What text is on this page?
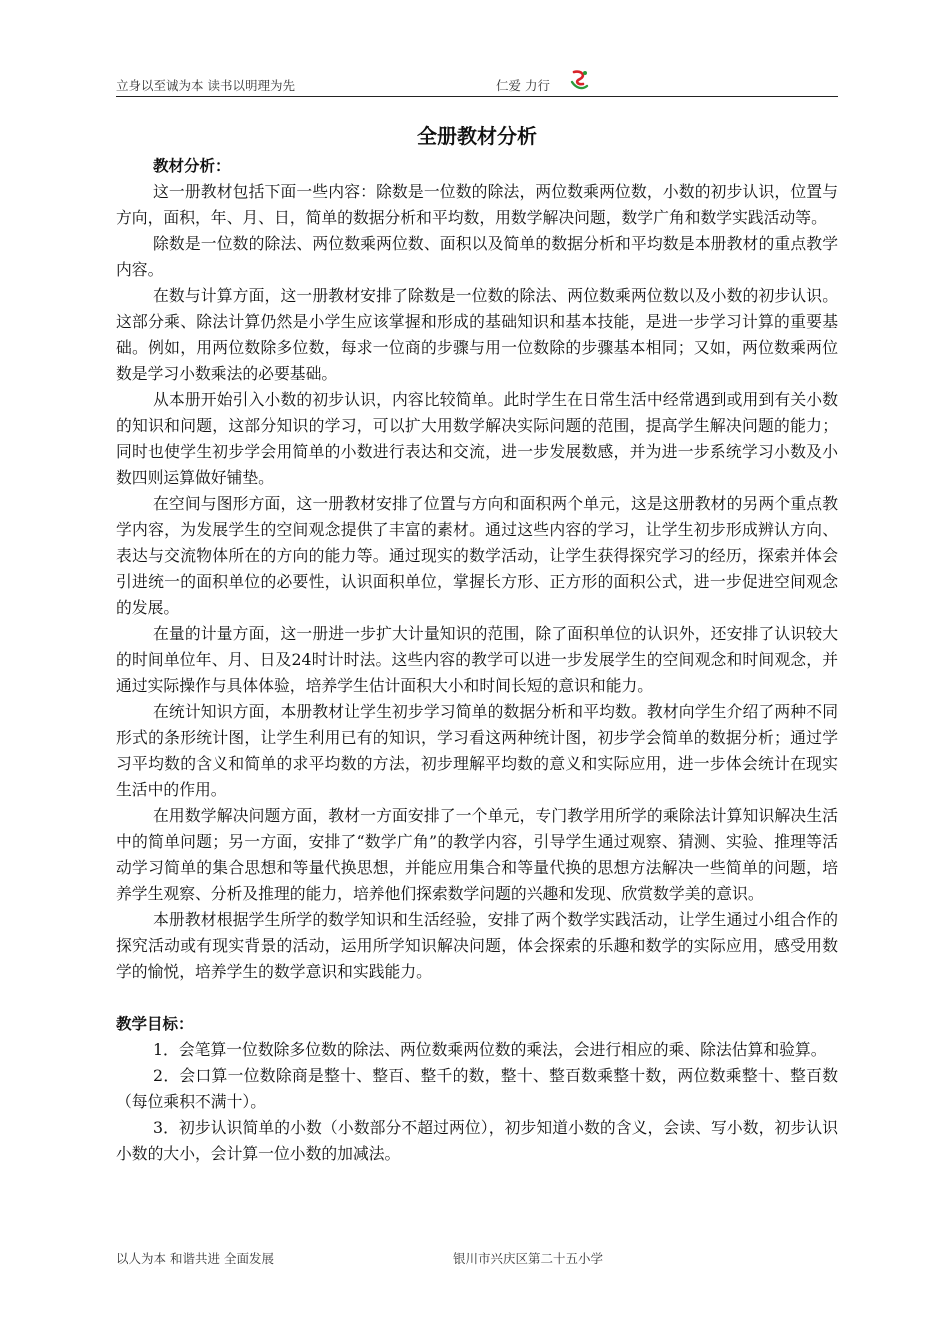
立身以至诚为本 读书以明理为先	仁爱 力行
全册教材分析
教材分析：

这一册教材包括下面一些内容：除数是一位数的除法，两位数乘两位数，小数的初步认识，位置与方向，面积，年、月、日，简单的数据分析和平均数，用数学解决问题，数学广角和数学实践活动等。

除数是一位数的除法、两位数乘两位数、面积以及简单的数据分析和平均数是本册教材的重点教学内容。

在数与计算方面，这一册教材安排了除数是一位数的除法、两位数乘两位数以及小数的初步认识。这部分乘、除法计算仍然是小学生应该掌握和形成的基础知识和基本技能，是进一步学习计算的重要基础。例如，用两位数除多位数，每求一位商的步骤与用一位数除的步骤基本相同；又如，两位数乘两位数是学习小数乘法的必要基础。

从本册开始引入小数的初步认识，内容比较简单。此时学生在日常生活中经常遇到或用到有关小数的知识和问题，这部分知识的学习，可以扩大用数学解决实际问题的范围，提高学生解决问题的能力；同时也使学生初步学会用简单的小数进行表达和交流，进一步发展数感，并为进一步系统学习小数及小数四则运算做好铺垫。

在空间与图形方面，这一册教材安排了位置与方向和面积两个单元，这是这册教材的另两个重点教学内容，为发展学生的空间观念提供了丰富的素材。通过这些内容的学习，让学生初步形成辨认方向、表达与交流物体所在的方向的能力等。通过现实的数学活动，让学生获得探究学习的经历，探索并体会引进统一的面积单位的必要性，认识面积单位，掌握长方形、正方形的面积公式，进一步促进空间观念的发展。

在量的计量方面，这一册进一步扩大计量知识的范围，除了面积单位的认识外，还安排了认识较大的时间单位年、月、日及24时计时法。这些内容的教学可以进一步发展学生的空间观念和时间观念，并通过实际操作与具体体验，培养学生估计面积大小和时间长短的意识和能力。

在统计知识方面，本册教材让学生初步学习简单的数据分析和平均数。教材向学生介绍了两种不同形式的条形统计图，让学生利用已有的知识，学习看这两种统计图，初步学会简单的数据分析；通过学习平均数的含义和简单的求平均数的方法，初步理解平均数的意义和实际应用，进一步体会统计在现实生活中的作用。

在用数学解决问题方面，教材一方面安排了一个单元，专门教学用所学的乘除法计算知识解决生活中的简单问题；另一方面，安排了“数学广角”的教学内容，引导学生通过观察、猜测、实验、推理等活动学习简单的集合思想和等量代换思想，并能应用集合和等量代换的思想方法解决一些简单的问题，培养学生观察、分析及推理的能力，培养他们探索数学问题的兴趣和发现、欣赏数学美的意识。

本册教材根据学生所学的数学知识和生活经验，安排了两个数学实践活动，让学生通过小组合作的探究活动或有现实背景的活动，运用所学知识解决问题，体会探索的乐趣和数学的实际应用，感受用数学的愉悦，培养学生的数学意识和实践能力。

教学目标：

1．会笔算一位数除多位数的除法、两位数乘两位数的乘法，会进行相应的乘、除法估算和验算。

2．会口算一位数除商是整十、整百、整千的数，整十、整百数乘整十数，两位数乘整十、整百数（每位乘积不满十）。

3．初步认识简单的小数（小数部分不超过两位），初步知道小数的含义，会读、写小数，初步认识小数的大小，会计算一位小数的加减法。

以人为本 和谐共进 全面发展	银川市兴庆区第二十五小学
